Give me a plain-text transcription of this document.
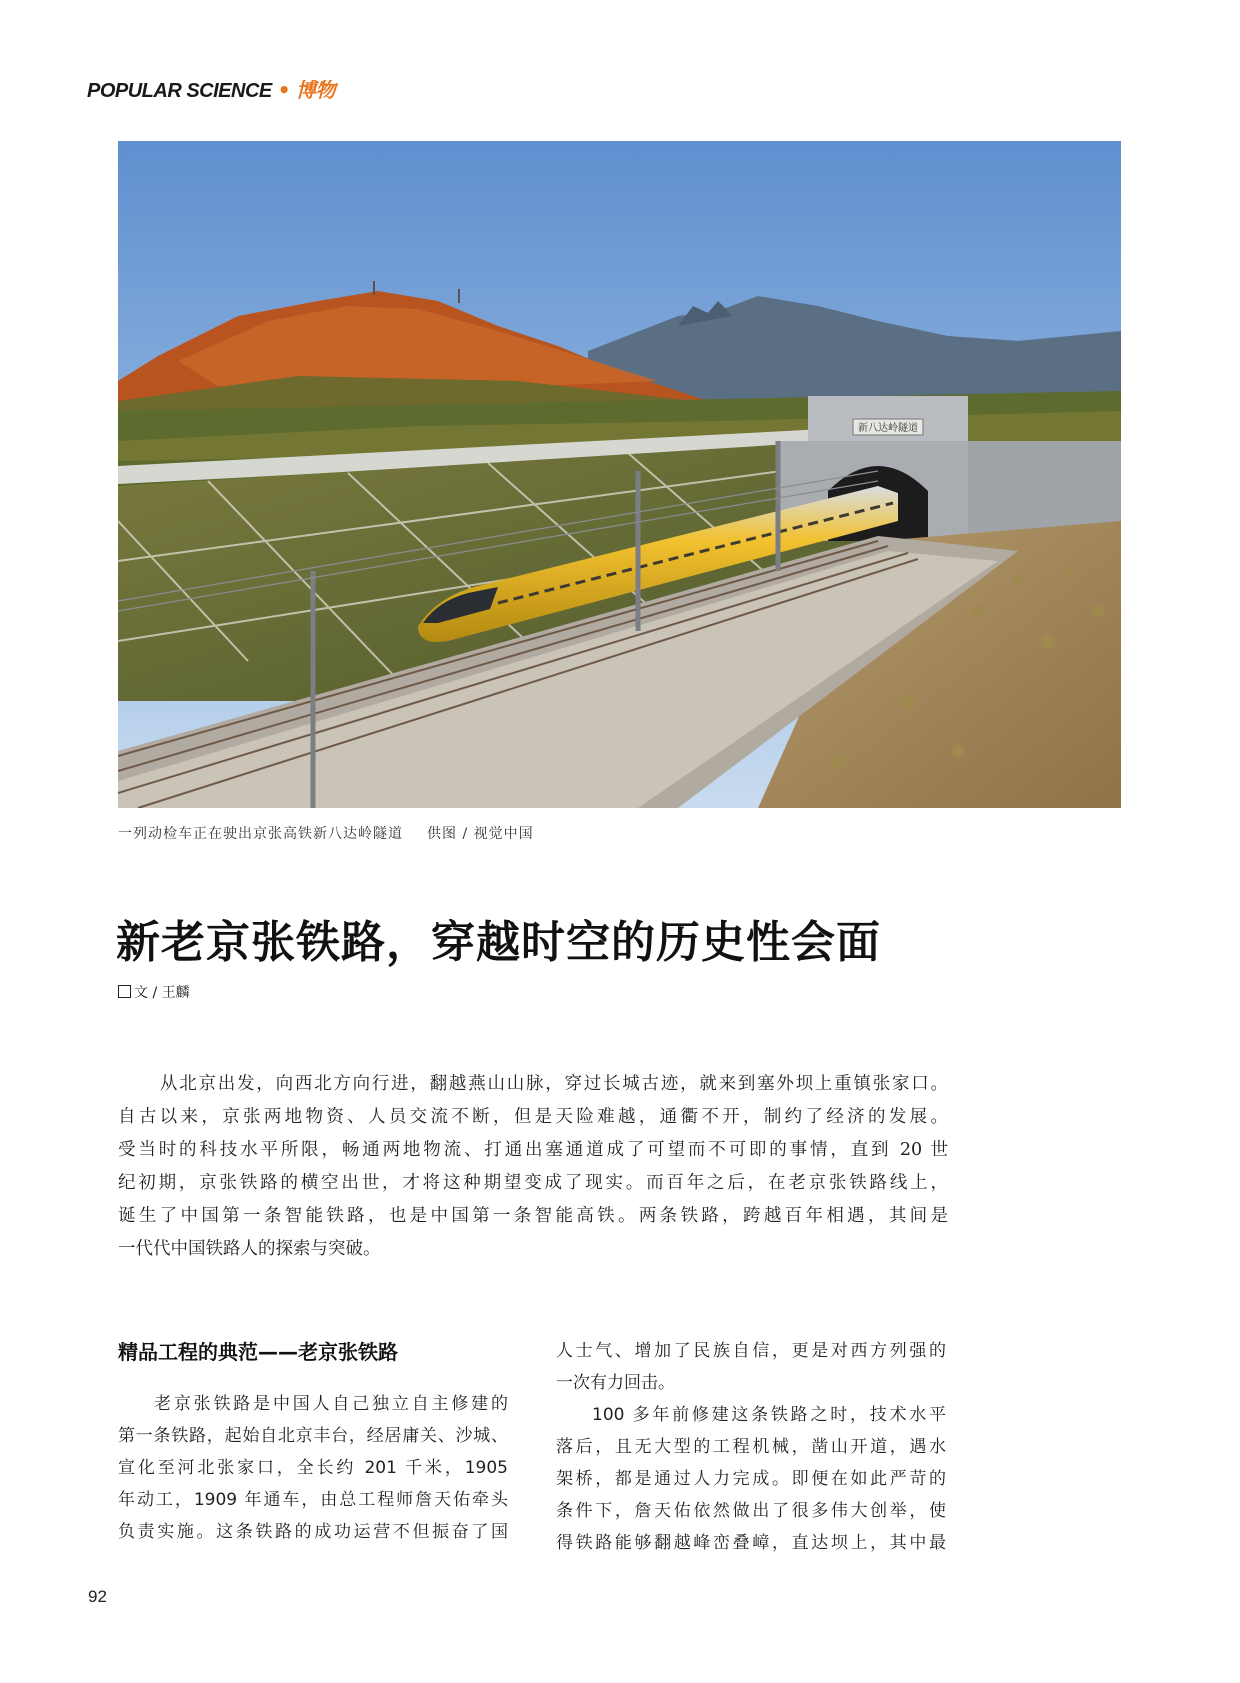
POPULAR SCIENCE • 博物
新八达岭隧道
一列动检车正在驶出京张高铁新八达岭隧道 供图 / 视觉中国
新老京张铁路，穿越时空的历史性会面
文 / 王麟
从北京出发，向西北方向行进，翻越燕山山脉，穿过长城古迹，就来到塞外坝上重镇张家口。
自古以来，京张两地物资、人员交流不断，但是天险难越，通衢不开，制约了经济的发展。
受当时的科技水平所限，畅通两地物流、打通出塞通道成了可望而不可即的事情，直到 20 世
纪初期，京张铁路的横空出世，才将这种期望变成了现实。而百年之后，在老京张铁路线上，
诞生了中国第一条智能铁路，也是中国第一条智能高铁。两条铁路，跨越百年相遇，其间是
一代代中国铁路人的探索与突破。
精品工程的典范——老京张铁路
老京张铁路是中国人自己独立自主修建的
第一条铁路，起始自北京丰台，经居庸关、沙城、
宣化至河北张家口，全长约 201 千米，1905
年动工，1909 年通车，由总工程师詹天佑牵头
负责实施。这条铁路的成功运营不但振奋了国
人士气、增加了民族自信，更是对西方列强的
一次有力回击。
100 多年前修建这条铁路之时，技术水平
落后，且无大型的工程机械，凿山开道，遇水
架桥，都是通过人力完成。即便在如此严苛的
条件下，詹天佑依然做出了很多伟大创举，使
得铁路能够翻越峰峦叠嶂，直达坝上，其中最
92
